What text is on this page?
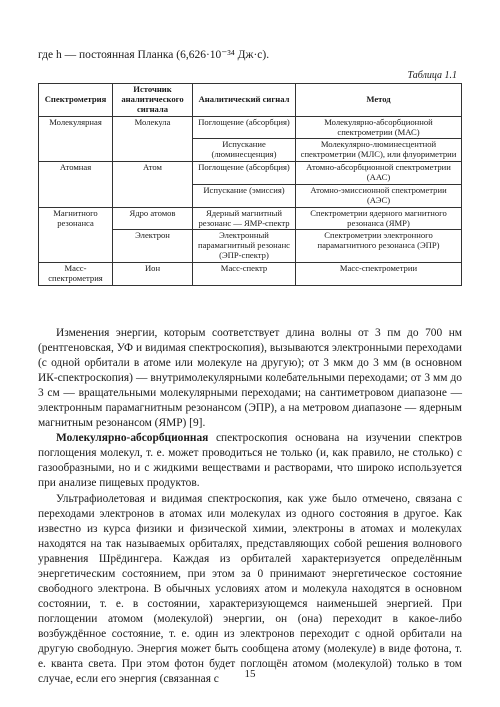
где h — постоянная Планка (6,626·10⁻³⁴ Дж·с).
Таблица 1.1
Спектрометрия	Источник аналитического сигнала	Аналитический сигнал	Метод
Молекулярная	Молекула	Поглощение (абсорбция)	Молекулярно-абсорбционной спектрометрии (МАС)
		Испускание (люминесценция)	Молекулярно-люминесцентной спектрометрии (МЛС), или флуориметрии
Атомная	Атом	Поглощение (абсорбция)	Атомно-абсорбционной спектрометрии (ААС)
		Испускание (эмиссия)	Атомно-эмиссионной спектрометрии (АЭС)
Магнитного резонанса	Ядро атомов	Ядерный магнитный резонанс — ЯМР-спектр	Спектрометрии ядерного магнитного резонанса (ЯМР)
	Электрон	Электронный парамагнитный резонанс (ЭПР-спектр)	Спектрометрии электронного парамагнитного резонанса (ЭПР)
Масс-спектрометрия	Ион	Масс-спектр	Масс-спектрометрии

Изменения энергии, которым соответствует длина волны от 3 пм до 700 нм (рентгеновская, УФ и видимая спектроскопия), вызываются электронными переходами (с одной орбитали в атоме или молекуле на другую); от 3 мкм до 3 мм (в основном ИК-спектроскопия) — внутримолекулярными колебательными переходами; от 3 мм до 3 см — вращательными молекулярными переходами; на сантиметровом диапазоне — электронным парамагнитным резонансом (ЭПР), а на метровом диапазоне — ядерным магнитным резонансом (ЯМР) [9].

Молекулярно-абсорбционная спектроскопия основана на изучении спектров поглощения молекул, т. е. может проводиться не только (и, как правило, не столько) с газообразными, но и с жидкими веществами и растворами, что широко используется при анализе пищевых продуктов.

Ультрафиолетовая и видимая спектроскопия, как уже было отмечено, связана с переходами электронов в атомах или молекулах из одного состояния в другое. Как известно из курса физики и физической химии, электроны в атомах и молекулах находятся на так называемых орбиталях, представляющих собой решения волнового уравнения Шрёдингера. Каждая из орбиталей характеризуется определённым энергетическим состоянием, при этом за 0 принимают энергетическое состояние свободного электрона. В обычных условиях атом и молекула находятся в основном состоянии, т. е. в состоянии, характеризующемся наименьшей энергией. При поглощении атомом (молекулой) энергии, он (она) переходит в какое-либо возбуждённое состояние, т. е. один из электронов переходит с одной орбитали на другую свободную. Энергия может быть сообщена атому (молекуле) в виде фотона, т. е. кванта света. При этом фотон будет поглощён атомом (молекулой) только в том случае, если его энергия (связанная с	15
